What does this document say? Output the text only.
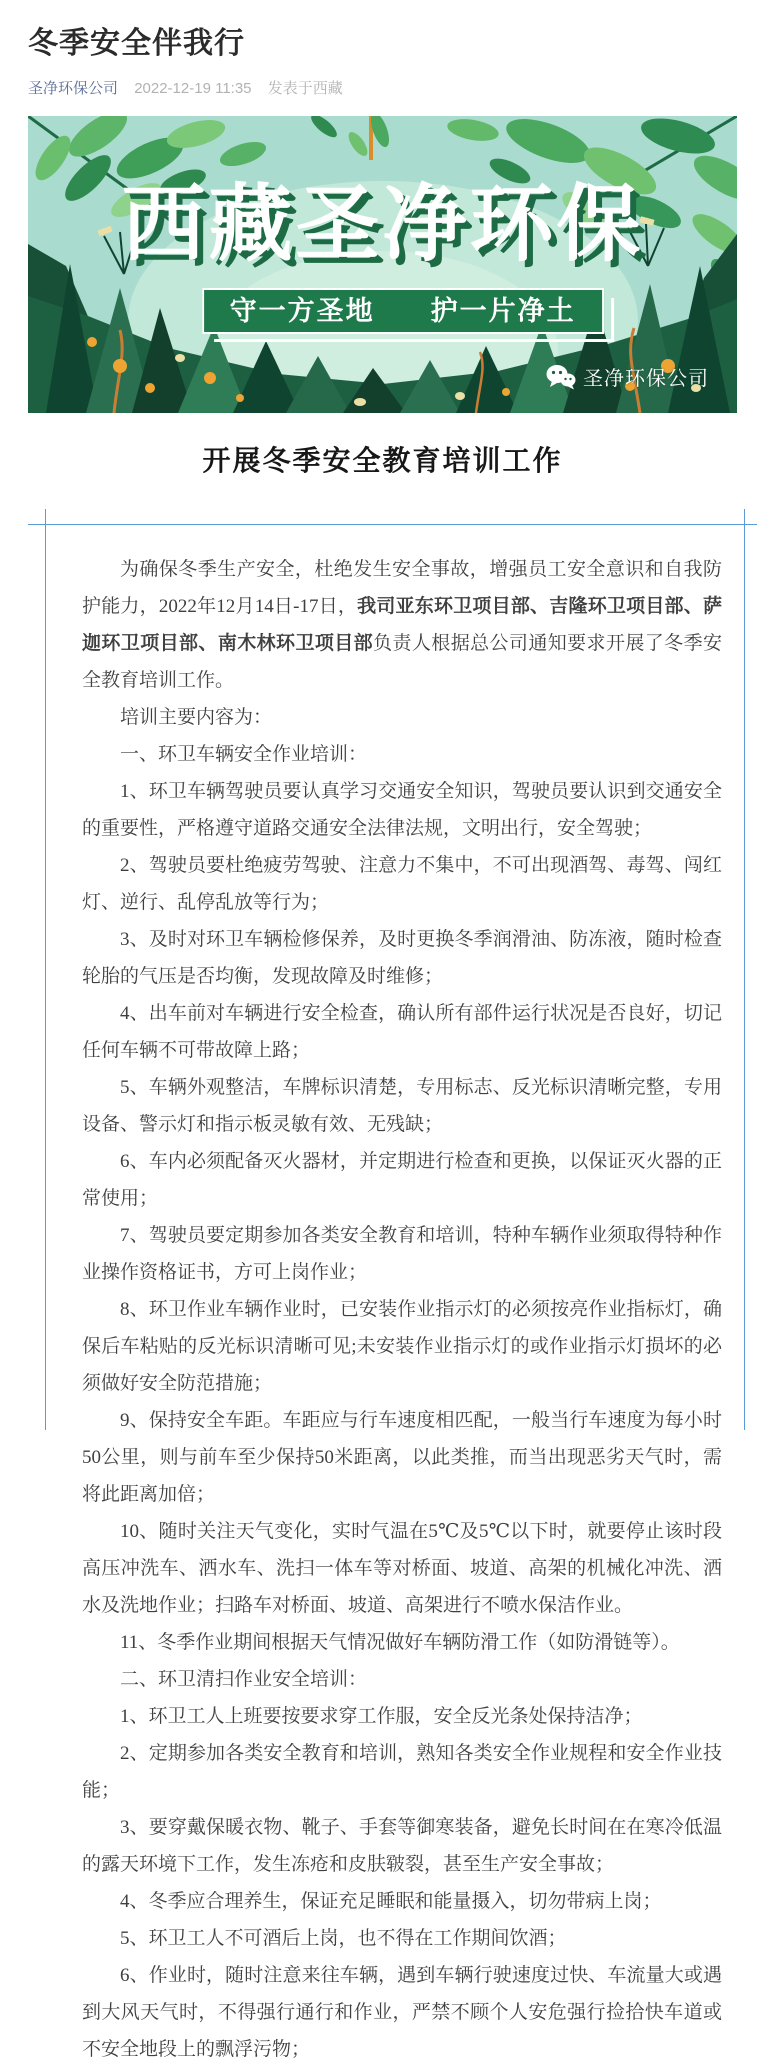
冬季安全伴我行
圣净环保公司 2022-12-19 11:35 发表于西藏
西藏圣净环保
守一方圣地 护一片净土
圣净环保公司
开展冬季安全教育培训工作

为确保冬季生产安全，杜绝发生安全事故，增强员工安全意识和自我防护能力，2022年12月14日-17日，我司亚东环卫项目部、吉隆环卫项目部、萨迦环卫项目部、南木林环卫项目部负责人根据总公司通知要求开展了冬季安全教育培训工作。

培训主要内容为：

一、环卫车辆安全作业培训：

1、环卫车辆驾驶员要认真学习交通安全知识，驾驶员要认识到交通安全的重要性，严格遵守道路交通安全法律法规，文明出行，安全驾驶；

2、驾驶员要杜绝疲劳驾驶、注意力不集中，不可出现酒驾、毒驾、闯红灯、逆行、乱停乱放等行为；

3、及时对环卫车辆检修保养，及时更换冬季润滑油、防冻液，随时检查轮胎的气压是否均衡，发现故障及时维修；

4、出车前对车辆进行安全检查，确认所有部件运行状况是否良好，切记任何车辆不可带故障上路；

5、车辆外观整洁，车牌标识清楚，专用标志、反光标识清晰完整，专用设备、警示灯和指示板灵敏有效、无残缺；

6、车内必须配备灭火器材，并定期进行检查和更换，以保证灭火器的正常使用；

7、驾驶员要定期参加各类安全教育和培训，特种车辆作业须取得特种作业操作资格证书，方可上岗作业；

8、环卫作业车辆作业时，已安装作业指示灯的必须按亮作业指标灯，确保后车粘贴的反光标识清晰可见;未安装作业指示灯的或作业指示灯损坏的必须做好安全防范措施；

9、保持安全车距。车距应与行车速度相匹配，一般当行车速度为每小时50公里，则与前车至少保持50米距离，以此类推，而当出现恶劣天气时，需将此距离加倍；

10、随时关注天气变化，实时气温在5℃及5℃以下时，就要停止该时段高压冲洗车、洒水车、洗扫一体车等对桥面、坡道、高架的机械化冲洗、洒水及洗地作业；扫路车对桥面、坡道、高架进行不喷水保洁作业。

11、冬季作业期间根据天气情况做好车辆防滑工作（如防滑链等）。

二、环卫清扫作业安全培训：

1、环卫工人上班要按要求穿工作服，安全反光条处保持洁净；

2、定期参加各类安全教育和培训，熟知各类安全作业规程和安全作业技能；

3、要穿戴保暖衣物、靴子、手套等御寒装备，避免长时间在在寒冷低温的露天环境下工作，发生冻疮和皮肤皲裂，甚至生产安全事故；

4、冬季应合理养生，保证充足睡眠和能量摄入，切勿带病上岗；

5、环卫工人不可酒后上岗，也不得在工作期间饮酒；

6、作业时，随时注意来往车辆，遇到车辆行驶速度过快、车流量大或遇到大风天气时，不得强行通行和作业，严禁不顾个人安危强行捡拾快车道或不安全地段上的飘浮污物；
